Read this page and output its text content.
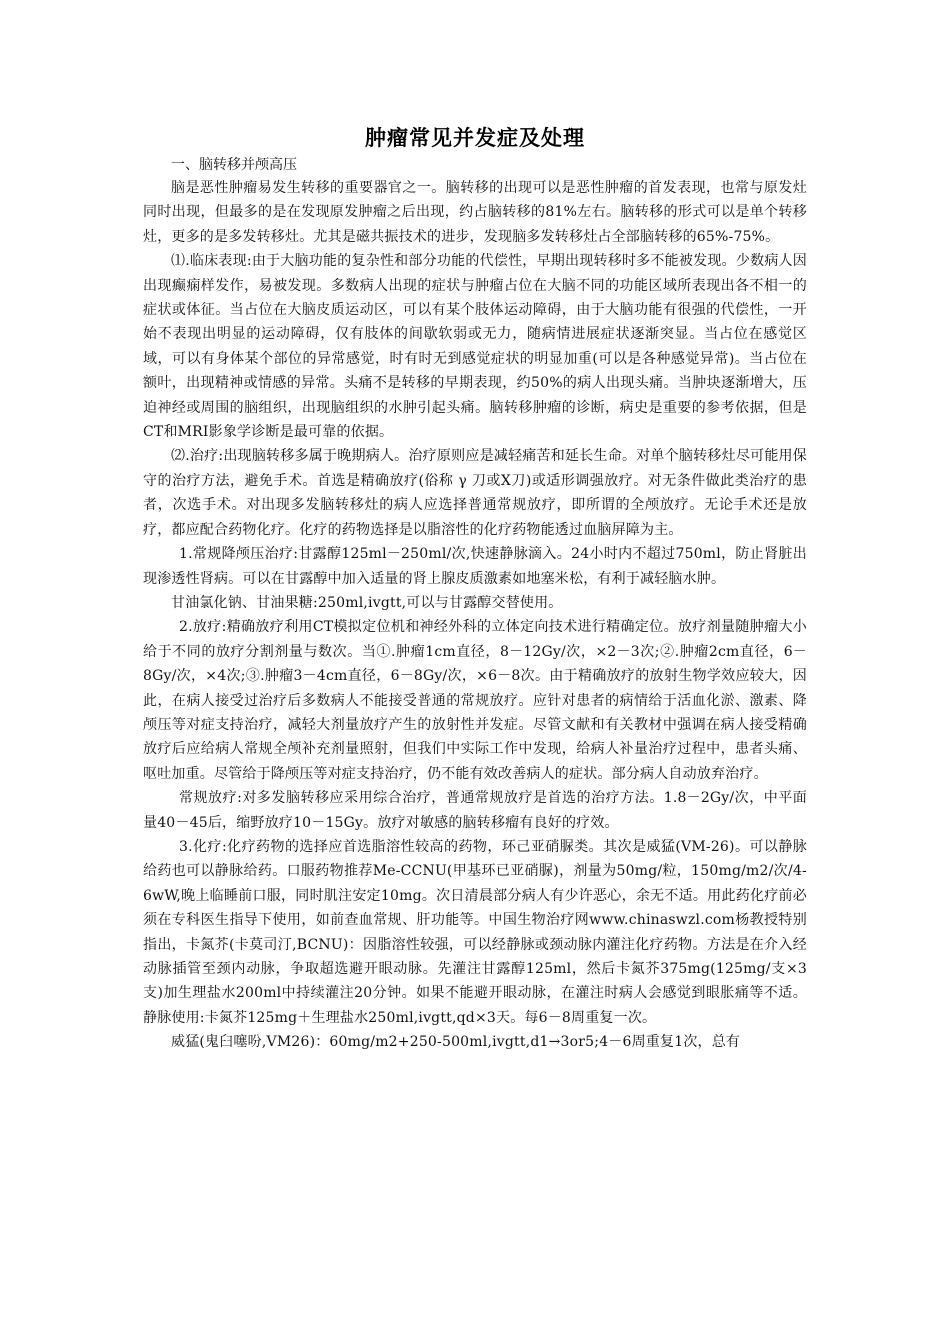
肿瘤常见并发症及处理

一、脑转移并颅高压

脑是恶性肿瘤易发生转移的重要器官之一。脑转移的出现可以是恶性肿瘤的首发表现，也常与原发灶同时出现，但最多的是在发现原发肿瘤之后出现，约占脑转移的81%左右。脑转移的形式可以是单个转移灶，更多的是多发转移灶。尤其是磁共振技术的进步，发现脑多发转移灶占全部脑转移的65%-75%。

⑴.临床表现:由于大脑功能的复杂性和部分功能的代偿性，早期出现转移时多不能被发现。少数病人因出现癫痫样发作，易被发现。多数病人出现的症状与肿瘤占位在大脑不同的功能区域所表现出各不相一的症状或体征。当占位在大脑皮质运动区，可以有某个肢体运动障碍，由于大脑功能有很强的代偿性，一开始不表现出明显的运动障碍，仅有肢体的间歇软弱或无力，随病情进展症状逐渐突显。当占位在感觉区域，可以有身体某个部位的异常感觉，时有时无到感觉症状的明显加重(可以是各种感觉异常)。当占位在额叶，出现精神或情感的异常。头痛不是转移的早期表现，约50%的病人出现头痛。当肿块逐渐增大，压迫神经或周围的脑组织，出现脑组织的水肿引起头痛。脑转移肿瘤的诊断，病史是重要的参考依据，但是CT和MRI影象学诊断是最可靠的依据。

⑵.治疗:出现脑转移多属于晚期病人。治疗原则应是减轻痛苦和延长生命。对单个脑转移灶尽可能用保守的治疗方法，避免手术。首选是精确放疗(俗称 γ 刀或X刀)或适形调强放疗。对无条件做此类治疗的患者，次选手术。对出现多发脑转移灶的病人应选择普通常规放疗，即所谓的全颅放疗。无论手术还是放疗，都应配合药物化疗。化疗的药物选择是以脂溶性的化疗药物能透过血脑屏障为主。

1.常规降颅压治疗:甘露醇125ml－250ml/次,快速静脉滴入。24小时内不超过750ml，防止肾脏出现渗透性肾病。可以在甘露醇中加入适量的肾上腺皮质激素如地塞米松，有利于减轻脑水肿。

甘油氯化钠、甘油果糖:250ml,ivgtt,可以与甘露醇交替使用。

2.放疗:精确放疗利用CT模拟定位机和神经外科的立体定向技术进行精确定位。放疗剂量随肿瘤大小给于不同的放疗分割剂量与数次。当①.肿瘤1cm直径，8－12Gy/次，×2－3次;②.肿瘤2cm直径，6－8Gy/次，×4次;③.肿瘤3－4cm直径，6－8Gy/次，×6－8次。由于精确放疗的放射生物学效应较大，因此，在病人接受过治疗后多数病人不能接受普通的常规放疗。应针对患者的病情给于活血化淤、激素、降颅压等对症支持治疗，减轻大剂量放疗产生的放射性并发症。尽管文献和有关教材中强调在病人接受精确放疗后应给病人常规全颅补充剂量照射，但我们中实际工作中发现，给病人补量治疗过程中，患者头痛、呕吐加重。尽管给于降颅压等对症支持治疗，仍不能有效改善病人的症状。部分病人自动放弃治疗。

常规放疗:对多发脑转移应采用综合治疗，普通常规放疗是首选的治疗方法。1.8－2Gy/次，中平面量40－45后，缩野放疗10－15Gy。放疗对敏感的脑转移瘤有良好的疗效。

3.化疗:化疗药物的选择应首选脂溶性较高的药物，环己亚硝脲类。其次是威猛(VM-26)。可以静脉给药也可以静脉给药。口服药物推荐Me-CCNU(甲基环已亚硝脲)，剂量为50mg/粒，150mg/m2/次/4-6wW,晚上临睡前口服，同时肌注安定10mg。次日清晨部分病人有少许恶心，余无不适。用此药化疗前必须在专科医生指导下使用，如前查血常规、肝功能等。中国生物治疗网www.chinaswzl.com杨教授特别指出，卡氮芥(卡莫司汀,BCNU)：因脂溶性较强，可以经静脉或颈动脉内灌注化疗药物。方法是在介入经动脉插管至颈内动脉，争取超选避开眼动脉。先灌注甘露醇125ml，然后卡氮芥375mg(125mg/支×3支)加生理盐水200ml中持续灌注20分钟。如果不能避开眼动脉，在灌注时病人会感觉到眼胀痛等不适。静脉使用:卡氮芥125mg＋生理盐水250ml,ivgtt,qd×3天。每6－8周重复一次。

威猛(鬼臼噻吩,VM26)：60mg/m2+250-500ml,ivgtt,d1→3or5;4－6周重复1次，总有
